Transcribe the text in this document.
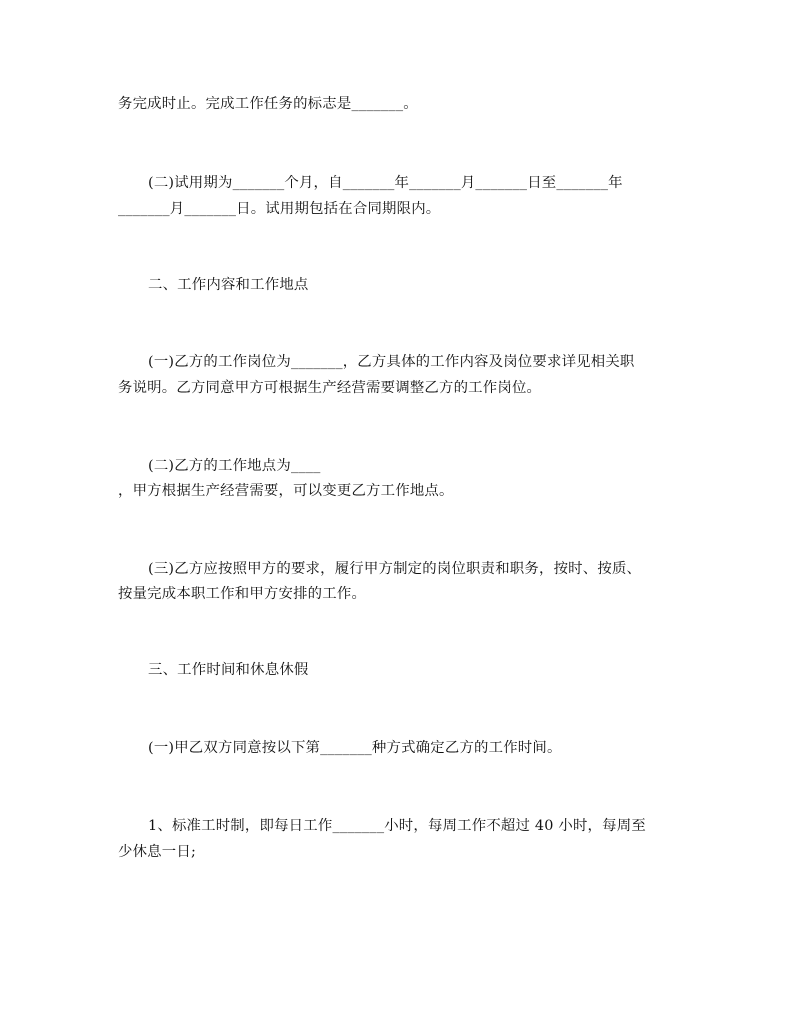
务完成时止。完成工作任务的标志是_______。
(二)试用期为_______个月，自_______年_______月_______日至_______年
_______月_______日。试用期包括在合同期限内。
二、工作内容和工作地点
(一)乙方的工作岗位为_______，乙方具体的工作内容及岗位要求详见相关职
务说明。乙方同意甲方可根据生产经营需要调整乙方的工作岗位。
(二)乙方的工作地点为____
，甲方根据生产经营需要，可以变更乙方工作地点。
(三)乙方应按照甲方的要求，履行甲方制定的岗位职责和职务，按时、按质、
按量完成本职工作和甲方安排的工作。
三、工作时间和休息休假
(一)甲乙双方同意按以下第_______种方式确定乙方的工作时间。
1、标准工时制，即每日工作_______小时，每周工作不超过 40 小时，每周至
少休息一日;
